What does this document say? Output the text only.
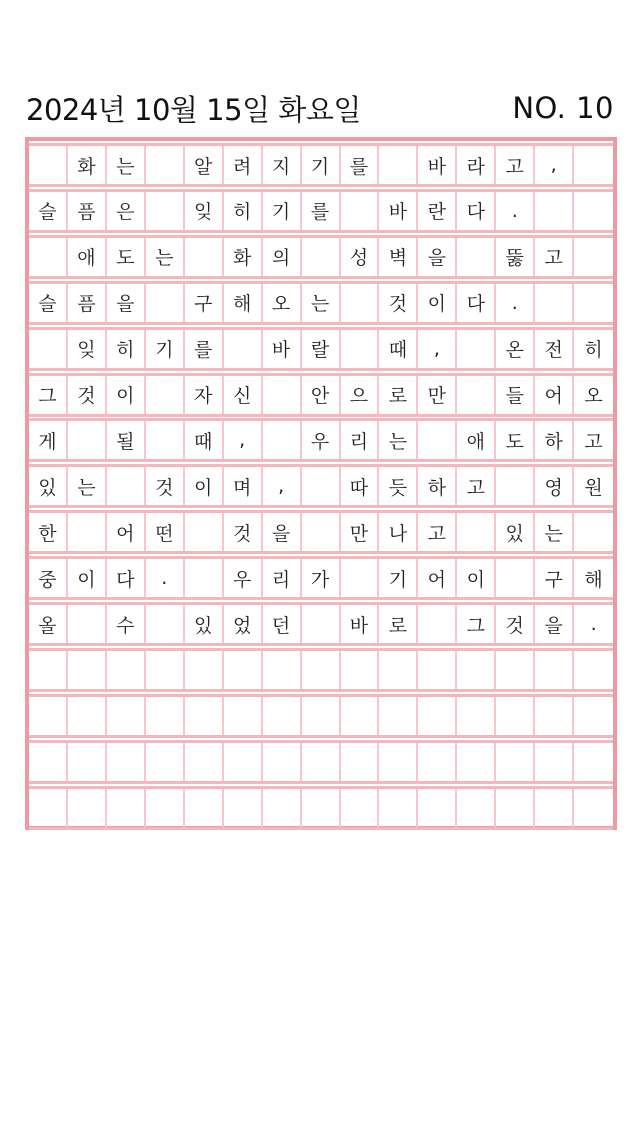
2024년 10월 15일 화요일	NO. 10
화	는	알	려	지	기	를	바	라	고	,
슬	픔	은	잊	히	기	를	바	란	다	.
애	도	는	화	의	성	벽	을	뚫	고
슬	픔	을	구	해	오	는	것	이	다	.
잊	히	기	를	바	랄	때	,	온	전	히
그	것	이	자	신	안	으	로	만	들	어	오
게	될	때	,	우	리	는	애	도	하	고
있	는	것	이	며	,	따	듯	하	고	영	원
한	어	떤	것	을	만	나	고	있	는
중	이	다	.	우	리	가	기	어	이	구	해
올	수	있	었	던	바	로	그	것	을	.
